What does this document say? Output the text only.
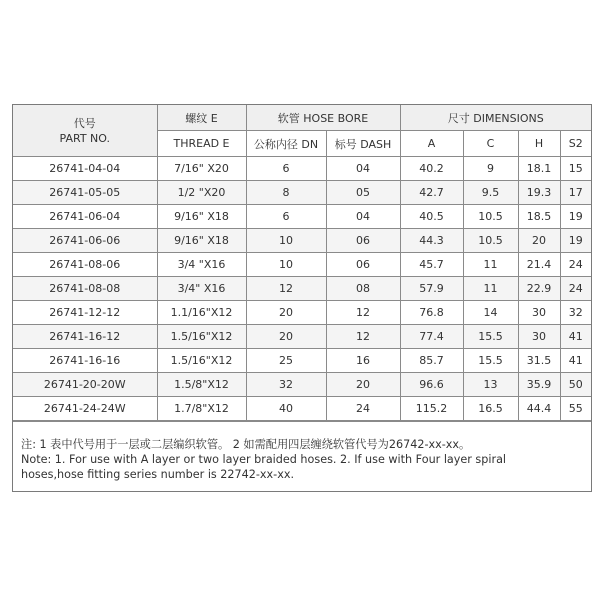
代号
PART NO.	螺纹 E	软管 HOSE BORE		尺寸 DIMENSIONS			
	THREAD E	公称内径 DN	标号 DASH	A	C	H	S2
26741-04-04	7/16" X20	6	04	40.2	9	18.1	15
26741-05-05	1/2 "X20	8	05	42.7	9.5	19.3	17
26741-06-04	9/16" X18	6	04	40.5	10.5	18.5	19
26741-06-06	9/16" X18	10	06	44.3	10.5	20	19
26741-08-06	3/4 "X16	10	06	45.7	11	21.4	24
26741-08-08	3/4" X16	12	08	57.9	11	22.9	24
26741-12-12	1.1/16"X12	20	12	76.8	14	30	32
26741-16-12	1.5/16"X12	20	12	77.4	15.5	30	41
26741-16-16	1.5/16"X12	25	16	85.7	15.5	31.5	41
26741-20-20W	1.5/8"X12	32	20	96.6	13	35.9	50
26741-24-24W	1.7/8"X12	40	24	115.2	16.5	44.4	55
注: 1 表中代号用于一层或二层编织软管。 2 如需配用四层缠绕软管代号为26742-xx-xx。
Note: 1. For use with A layer or two layer braided hoses. 2. If use with Four layer spiral
hoses,hose fitting series number is 22742-xx-xx.
